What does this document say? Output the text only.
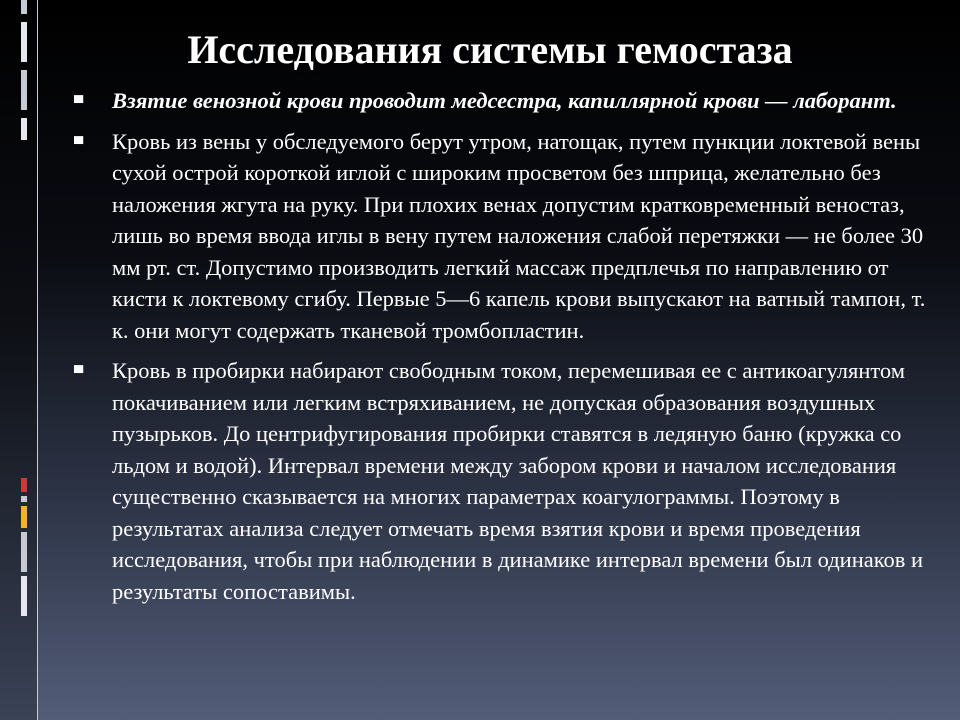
Исследования системы гемостаза
▀ Взятие венозной крови проводит медсестра, капиллярной крови — лаборант.
▀ Кровь из вены у обследуемого берут утром, натощак, путем пункции локтевой вены сухой острой короткой иглой с широким просветом без шприца, желательно без наложения жгута на руку. При плохих венах допустим кратковременный веностаз, лишь во время ввода иглы в вену путем наложения слабой перетяжки — не более 30 мм рт. ст. Допустимо производить легкий массаж предплечья по направлению от кисти к локтевому сгибу. Первые 5—6 капель крови выпускают на ватный тампон, т. к. они могут содержать тканевой тромбопластин.
▀ Кровь в пробирки набирают свободным током, перемешивая ее с антикоагулянтом покачиванием или легким встряхиванием, не допуская образования воздушных пузырьков. До центрифугирования пробирки ставятся в ледяную баню (кружка со льдом и водой). Интервал времени между забором крови и началом исследования существенно сказывается на многих параметрах коагулограммы. Поэтому в результатах анализа следует отмечать время взятия крови и время проведения исследования, чтобы при наблюдении в динамике интервал времени был одинаков и результаты сопоставимы.
